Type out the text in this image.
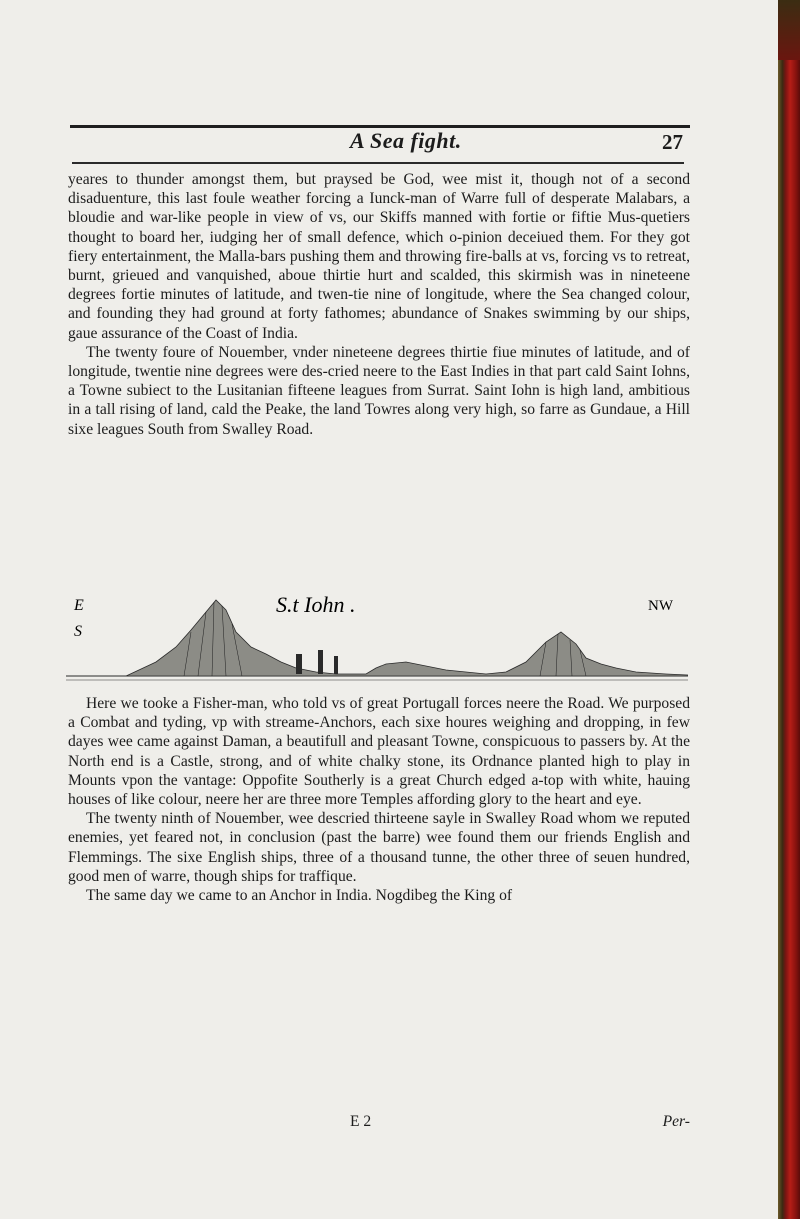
A Sea fight.	27

yeares to thunder amongst them, but praysed be God, wee mist it, though not of a second disaduenture, this last foule weather forcing a Iunck-man of Warre full of desperate Malabars, a bloudie and war-like people in view of vs, our Skiffs manned with fortie or fiftie Mus-quetiers thought to board her, iudging her of small defence, which o-pinion deceiued them. For they got fiery entertainment, the Malla-bars pushing them and throwing fire-balls at vs, forcing vs to retreat, burnt, grieued and vanquished, aboue thirtie hurt and scalded, this skirmish was in nineteene degrees fortie minutes of latitude, and twen-tie nine of longitude, where the Sea changed colour, and founding they had ground at forty fathomes; abundance of Snakes swimming by our ships, gaue assurance of the Coast of India.

The twenty foure of Nouember, vnder nineteene degrees thirtie fiue minutes of latitude, and of longitude, twentie nine degrees were des-cried neere to the East Indies in that part cald Saint Iohns, a Towne subiect to the Lusitanian fifteene leagues from Surrat. Saint Iohn is high land, ambitious in a tall rising of land, cald the Peake, the land Towres along very high, so farre as Gundaue, a Hill sixe leagues South from Swalley Road.

E
S
S.t Iohn .	NW

Here we tooke a Fisher-man, who told vs of great Portugall forces neere the Road. We purposed a Combat and tyding, vp with streame-Anchors, each sixe houres weighing and dropping, in few dayes wee came against Daman, a beautifull and pleasant Towne, conspicuous to passers by. At the North end is a Castle, strong, and of white chalky stone, its Ordnance planted high to play in Mounts vpon the vantage: Oppofite Southerly is a great Church edged a-top with white, hauing houses of like colour, neere her are three more Temples affording glory to the heart and eye.

The twenty ninth of Nouember, wee descried thirteene sayle in Swalley Road whom we reputed enemies, yet feared not, in conclusion (past the barre) wee found them our friends English and Flemmings. The sixe English ships, three of a thousand tunne, the other three of seuen hundred, good men of warre, though ships for traffique.

The same day we came to an Anchor in India. Nogdibeg the King of

E 2	Per-
